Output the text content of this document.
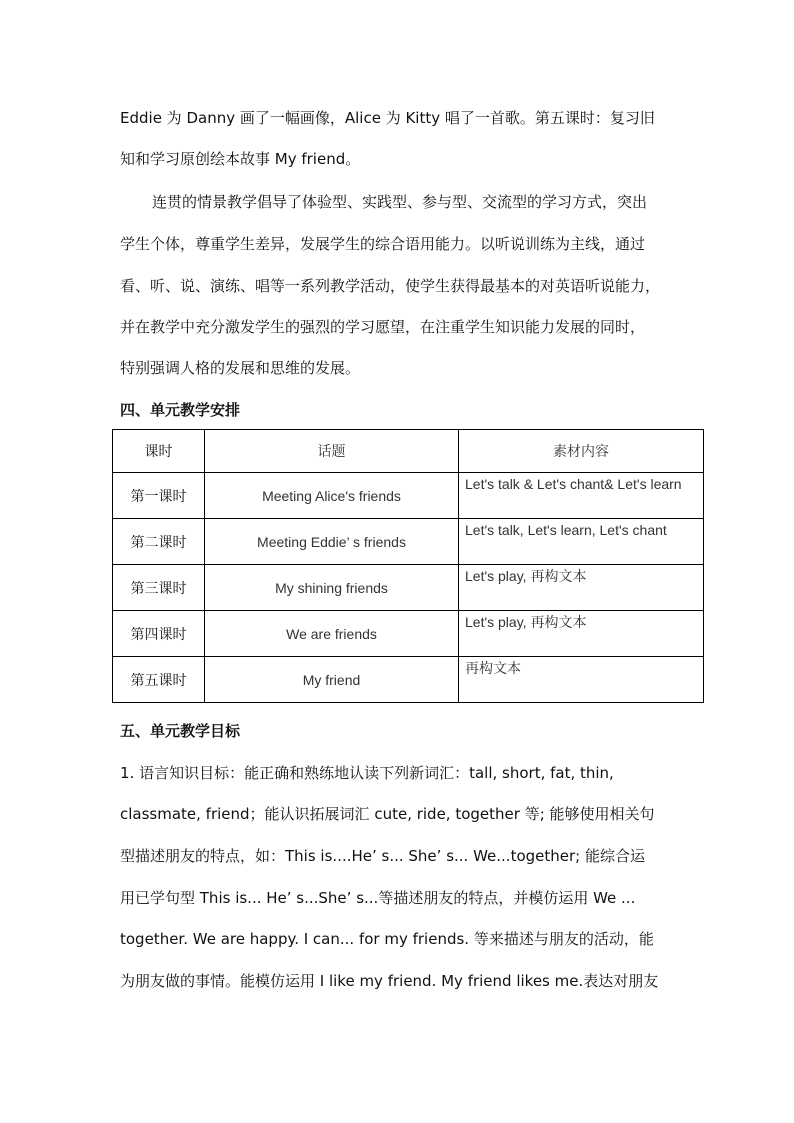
Eddie 为 Danny 画了一幅画像，Alice 为 Kitty 唱了一首歌。第五课时：复习旧
知和学习原创绘本故事 My friend。
连贯的情景教学倡导了体验型、实践型、参与型、交流型的学习方式，突出
学生个体，尊重学生差异，发展学生的综合语用能力。以听说训练为主线，通过
看、听、说、演练、唱等一系列教学活动，使学生获得最基本的对英语听说能力，
并在教学中充分激发学生的强烈的学习愿望，在注重学生知识能力发展的同时，
特别强调人格的发展和思维的发展。
四、单元教学安排
课时	话题	素材内容
第一课时	Meeting Alice's friends	Let's talk & Let's chant& Let's learn
第二课时	Meeting Eddie’ s friends	Let's talk, Let's learn, Let's chant
第三课时	My shining friends	Let's play, 再构文本
第四课时	We are friends	Let's play, 再构文本
第五课时	My friend	再构文本
五、单元教学目标
1. 语言知识目标：能正确和熟练地认读下列新词汇：tall, short, fat, thin,
classmate, friend；能认识拓展词汇 cute, ride, together 等; 能够使用相关句
型描述朋友的特点，如：This is....He’ s... She’ s... We...together; 能综合运
用已学句型 This is... He’ s...She’ s...等描述朋友的特点，并模仿运用 We ...
together. We are happy. I can... for my friends. 等来描述与朋友的活动，能
为朋友做的事情。能模仿运用 I like my friend. My friend likes me.表达对朋友
